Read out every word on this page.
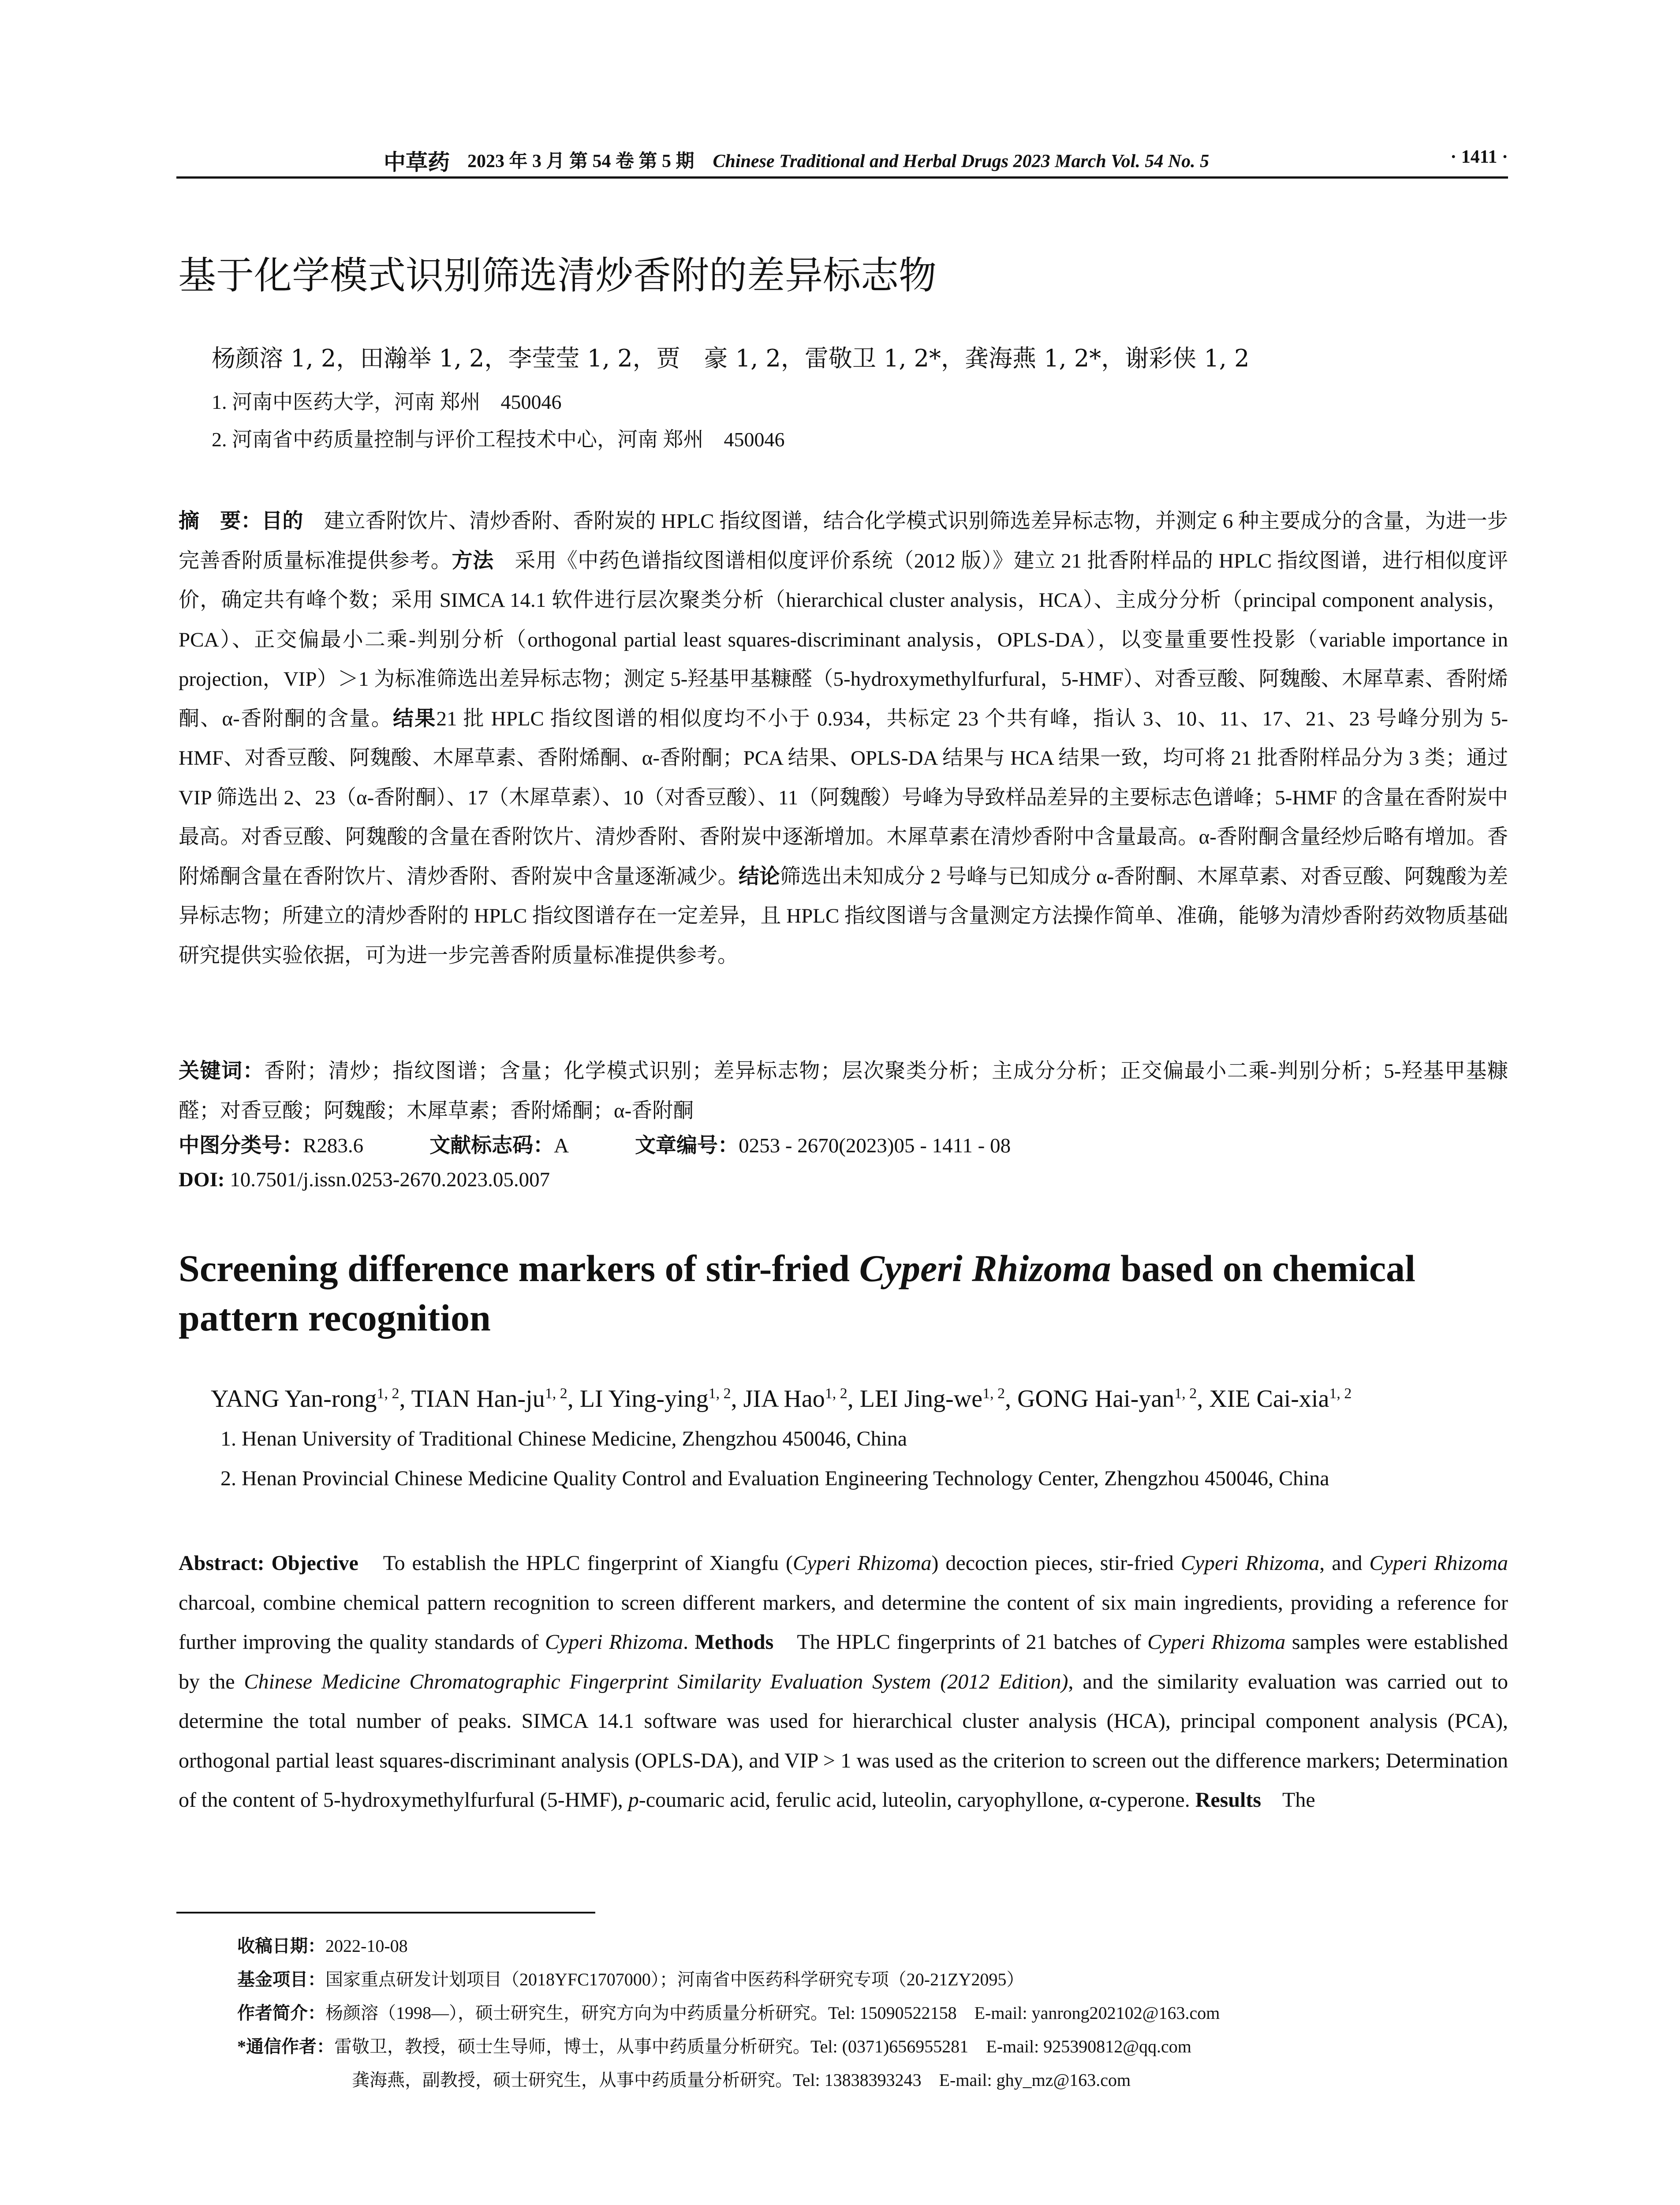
中草药 2023 年 3 月 第 54 卷 第 5 期　 Chinese Traditional and Herbal Drugs 2023 March Vol. 54 No. 5	· 1411 ·
基于化学模式识别筛选清炒香附的差异标志物
杨颜溶 1, 2，田瀚举 1, 2，李莹莹 1, 2，贾　豪 1, 2，雷敬卫 1, 2*，龚海燕 1, 2*，谢彩侠 1, 2
1. 河南中医药大学，河南 郑州　450046
2. 河南省中药质量控制与评价工程技术中心，河南 郑州　450046
摘　要：目的　建立香附饮片、清炒香附、香附炭的 HPLC 指纹图谱，结合化学模式识别筛选差异标志物，并测定 6 种主要成分的含量，为进一步完善香附质量标准提供参考。方法　采用《中药色谱指纹图谱相似度评价系统（2012 版）》建立 21 批香附样品的 HPLC 指纹图谱，进行相似度评价，确定共有峰个数；采用 SIMCA 14.1 软件进行层次聚类分析（hierarchical cluster analysis，HCA）、主成分分析（principal component analysis，PCA）、正交偏最小二乘-判别分析（orthogonal partial least squares-discriminant analysis，OPLS-DA），以变量重要性投影（variable importance in projection，VIP）＞1 为标准筛选出差异标志物；测定 5-羟基甲基糠醛（5-hydroxymethylfurfural，5-HMF）、对香豆酸、阿魏酸、木犀草素、香附烯酮、α-香附酮的含量。结果21 批 HPLC 指纹图谱的相似度均不小于 0.934，共标定 23 个共有峰，指认 3、10、11、17、21、23 号峰分别为 5-HMF、对香豆酸、阿魏酸、木犀草素、香附烯酮、α-香附酮；PCA 结果、OPLS-DA 结果与 HCA 结果一致，均可将 21 批香附样品分为 3 类；通过 VIP 筛选出 2、23（α-香附酮）、17（木犀草素）、10（对香豆酸）、11（阿魏酸）号峰为导致样品差异的主要标志色谱峰；5-HMF 的含量在香附炭中最高。对香豆酸、阿魏酸的含量在香附饮片、清炒香附、香附炭中逐渐增加。木犀草素在清炒香附中含量最高。α-香附酮含量经炒后略有增加。香附烯酮含量在香附饮片、清炒香附、香附炭中含量逐渐减少。结论筛选出未知成分 2 号峰与已知成分 α-香附酮、木犀草素、对香豆酸、阿魏酸为差异标志物；所建立的清炒香附的 HPLC 指纹图谱存在一定差异，且 HPLC 指纹图谱与含量测定方法操作简单、准确，能够为清炒香附药效物质基础研究提供实验依据，可为进一步完善香附质量标准提供参考。
关键词：香附；清炒；指纹图谱；含量；化学模式识别；差异标志物；层次聚类分析；主成分分析；正交偏最小二乘-判别分析；5-羟基甲基糠醛；对香豆酸；阿魏酸；木犀草素；香附烯酮；α-香附酮
中图分类号：R283.6	文献标志码：A	文章编号：0253 - 2670(2023)05 - 1411 - 08
DOI: 10.7501/j.issn.0253-2670.2023.05.007
Screening difference markers of stir-fried Cyperi Rhizoma based on chemical pattern recognition
YANG Yan-rong$^{1, 2}$, TIAN Han-ju$^{1, 2}$, LI Ying-ying$^{1, 2}$, JIA Hao$^{1, 2}$, LEI Jing-we$^{1, 2}$, GONG Hai-yan$^{1, 2}$, XIE Cai-xia$^{1, 2}$
1. Henan University of Traditional Chinese Medicine, Zhengzhou 450046, China
2. Henan Provincial Chinese Medicine Quality Control and Evaluation Engineering Technology Center, Zhengzhou 450046, China
Abstract: Objective　To establish the HPLC fingerprint of Xiangfu (Cyperi Rhizoma) decoction pieces, stir-fried Cyperi Rhizoma, and Cyperi Rhizoma charcoal, combine chemical pattern recognition to screen different markers, and determine the content of six main ingredients, providing a reference for further improving the quality standards of Cyperi Rhizoma. Methods　The HPLC fingerprints of 21 batches of Cyperi Rhizoma samples were established by the Chinese Medicine Chromatographic Fingerprint Similarity Evaluation System (2012 Edition), and the similarity evaluation was carried out to determine the total number of peaks. SIMCA 14.1 software was used for hierarchical cluster analysis (HCA), principal component analysis (PCA), orthogonal partial least squares-discriminant analysis (OPLS-DA), and VIP > 1 was used as the criterion to screen out the difference markers; Determination of the content of 5-hydroxymethylfurfural (5-HMF), p-coumaric acid, ferulic acid, luteolin, caryophyllone, α-cyperone. Results　The
收稿日期：2022-10-08
基金项目：国家重点研发计划项目（2018YFC1707000）；河南省中医药科学研究专项（20-21ZY2095）
作者简介：杨颜溶（1998—），硕士研究生，研究方向为中药质量分析研究。Tel: 15090522158　E-mail: yanrong202102@163.com
*通信作者：雷敬卫，教授，硕士生导师，博士，从事中药质量分析研究。Tel: (0371)656955281　E-mail: 925390812@qq.com
龚海燕，副教授，硕士研究生，从事中药质量分析研究。Tel: 13838393243　E-mail: ghy_mz@163.com
